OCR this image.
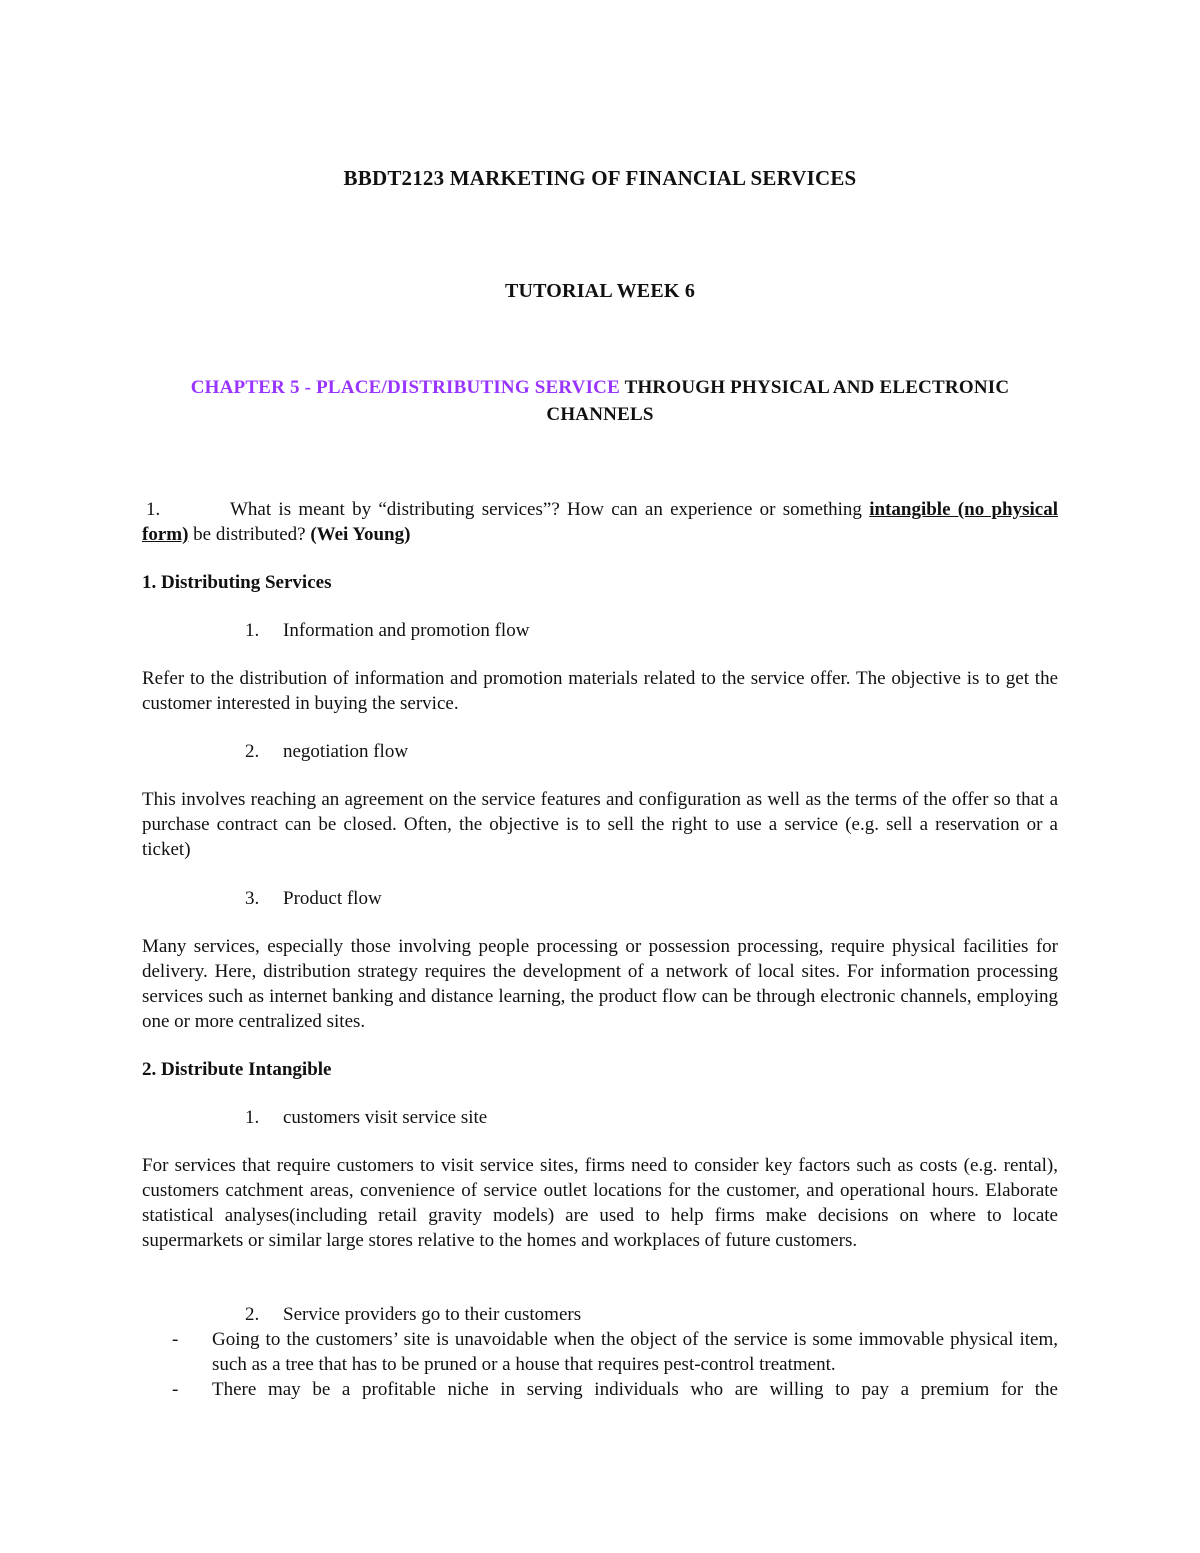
BBDT2123 MARKETING OF FINANCIAL SERVICES

TUTORIAL WEEK 6

CHAPTER 5 - PLACE/DISTRIBUTING SERVICE THROUGH PHYSICAL AND ELECTRONIC
CHANNELS

1.	What is meant by “distributing services”? How can an experience or something intangible (no physical form) be distributed? (Wei Young)

1. Distributing Services

1. Information and promotion flow

Refer to the distribution of information and promotion materials related to the service offer. The objective is to get the customer interested in buying the service.

2. negotiation flow

This involves reaching an agreement on the service features and configuration as well as the terms of the offer so that a purchase contract can be closed. Often, the objective is to sell the right to use a service (e.g. sell a reservation or a ticket)

3. Product flow

Many services, especially those involving people processing or possession processing, require physical facilities for delivery. Here, distribution strategy requires the development of a network of local sites. For information processing services such as internet banking and distance learning, the product flow can be through electronic channels, employing one or more centralized sites.

2. Distribute Intangible

1. customers visit service site

For services that require customers to visit service sites, firms need to consider key factors such as costs (e.g. rental), customers catchment areas, convenience of service outlet locations for the customer, and operational hours. Elaborate statistical analyses(including retail gravity models) are used to help firms make decisions on where to locate supermarkets or similar large stores relative to the homes and workplaces of future customers.

2. Service providers go to their customers

- Going to the customers’ site is unavoidable when the object of the service is some immovable physical item, such as a tree that has to be pruned or a house that requires pest-control treatment.
- There may be a profitable niche in serving individuals who are willing to pay a premium for the
